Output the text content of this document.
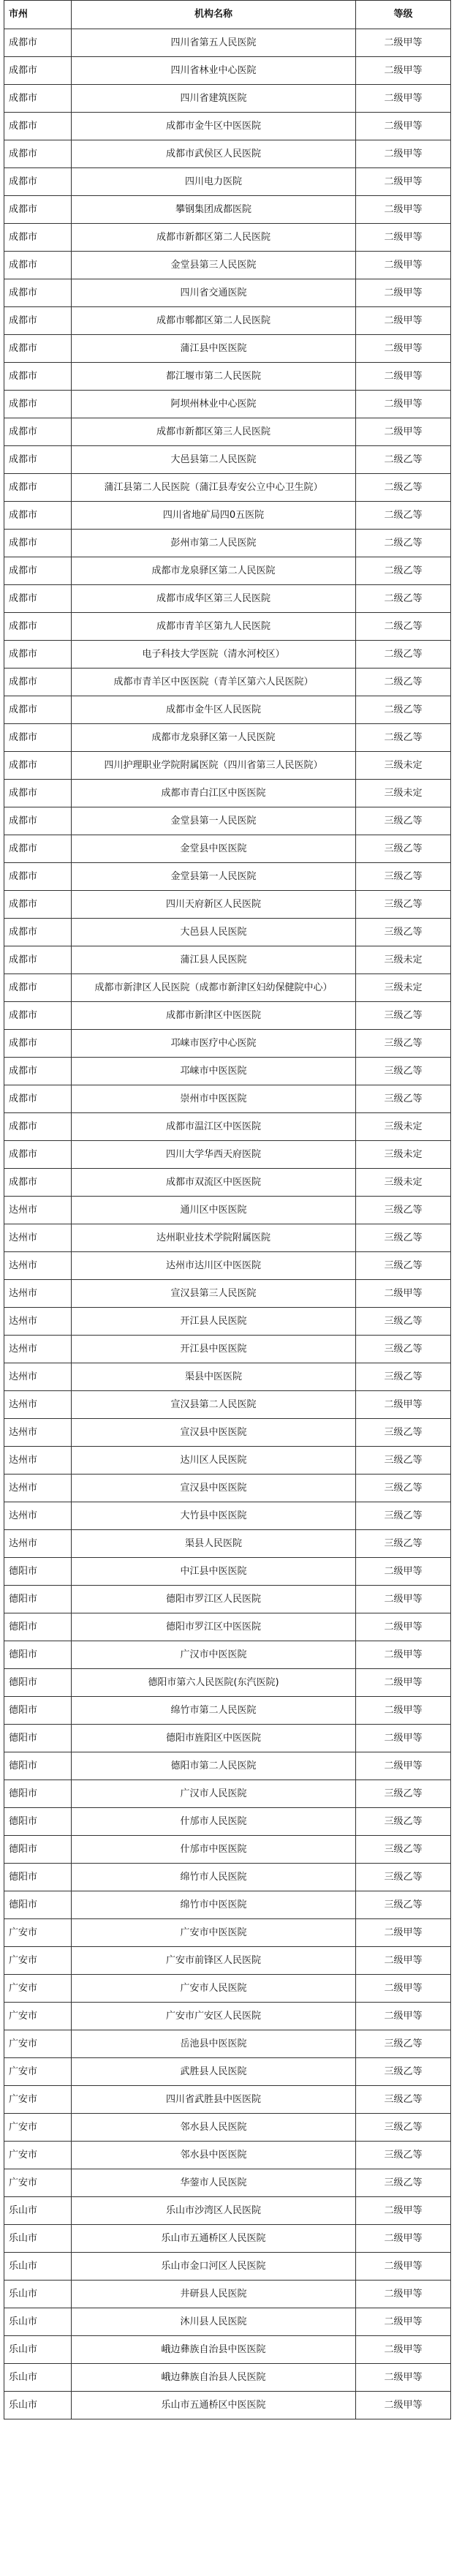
市州	机构名称	等级
成都市	四川省第五人民医院	二级甲等
成都市	四川省林业中心医院	二级甲等
成都市	四川省建筑医院	二级甲等
成都市	成都市金牛区中医医院	二级甲等
成都市	成都市武侯区人民医院	二级甲等
成都市	四川电力医院	二级甲等
成都市	攀钢集团成都医院	二级甲等
成都市	成都市新都区第二人民医院	二级甲等
成都市	金堂县第三人民医院	二级甲等
成都市	四川省交通医院	二级甲等
成都市	成都市郫都区第二人民医院	二级甲等
成都市	蒲江县中医医院	二级甲等
成都市	都江堰市第二人民医院	二级甲等
成都市	阿坝州林业中心医院	二级甲等
成都市	成都市新都区第三人民医院	二级甲等
成都市	大邑县第二人民医院	二级乙等
成都市	蒲江县第二人民医院（蒲江县寿安公立中心卫生院）	二级乙等
成都市	四川省地矿局四0五医院	二级乙等
成都市	彭州市第二人民医院	二级乙等
成都市	成都市龙泉驿区第二人民医院	二级乙等
成都市	成都市成华区第三人民医院	二级乙等
成都市	成都市青羊区第九人民医院	二级乙等
成都市	电子科技大学医院（清水河校区）	二级乙等
成都市	成都市青羊区中医医院（青羊区第六人民医院）	二级乙等
成都市	成都市金牛区人民医院	二级乙等
成都市	成都市龙泉驿区第一人民医院	二级乙等
成都市	四川护理职业学院附属医院（四川省第三人民医院）	三级未定
成都市	成都市青白江区中医医院	三级未定
成都市	金堂县第一人民医院	三级乙等
成都市	金堂县中医医院	三级乙等
成都市	金堂县第一人民医院	三级乙等
成都市	四川天府新区人民医院	三级乙等
成都市	大邑县人民医院	三级乙等
成都市	蒲江县人民医院	三级未定
成都市	成都市新津区人民医院（成都市新津区妇幼保健院中心）	三级未定
成都市	成都市新津区中医医院	三级乙等
成都市	邛崃市医疗中心医院	三级乙等
成都市	邛崃市中医医院	三级乙等
成都市	崇州市中医医院	三级乙等
成都市	成都市温江区中医医院	三级未定
成都市	四川大学华西天府医院	三级未定
成都市	成都市双流区中医医院	三级未定
达州市	通川区中医医院	三级乙等
达州市	达州职业技术学院附属医院	三级乙等
达州市	达州市达川区中医医院	三级乙等
达州市	宣汉县第三人民医院	二级甲等
达州市	开江县人民医院	三级乙等
达州市	开江县中医医院	三级乙等
达州市	渠县中医医院	三级乙等
达州市	宣汉县第二人民医院	二级甲等
达州市	宣汉县中医医院	三级乙等
达州市	达川区人民医院	三级乙等
达州市	宣汉县中医医院	三级乙等
达州市	大竹县中医医院	三级乙等
达州市	渠县人民医院	三级乙等
德阳市	中江县中医医院	二级甲等
德阳市	德阳市罗江区人民医院	二级甲等
德阳市	德阳市罗江区中医医院	二级甲等
德阳市	广汉市中医医院	二级甲等
德阳市	德阳市第六人民医院(东汽医院)	二级甲等
德阳市	绵竹市第二人民医院	二级甲等
德阳市	德阳市旌阳区中医医院	二级甲等
德阳市	德阳市第二人民医院	二级甲等
德阳市	广汉市人民医院	三级乙等
德阳市	什邡市人民医院	三级乙等
德阳市	什邡市中医医院	三级乙等
德阳市	绵竹市人民医院	三级乙等
德阳市	绵竹市中医医院	三级乙等
广安市	广安市中医医院	二级甲等
广安市	广安市前锋区人民医院	二级甲等
广安市	广安市人民医院	二级甲等
广安市	广安市广安区人民医院	二级甲等
广安市	岳池县中医医院	三级乙等
广安市	武胜县人民医院	三级乙等
广安市	四川省武胜县中医医院	三级乙等
广安市	邻水县人民医院	三级乙等
广安市	邻水县中医医院	三级乙等
广安市	华蓥市人民医院	三级乙等
乐山市	乐山市沙湾区人民医院	二级甲等
乐山市	乐山市五通桥区人民医院	二级甲等
乐山市	乐山市金口河区人民医院	二级甲等
乐山市	井研县人民医院	二级甲等
乐山市	沐川县人民医院	二级甲等
乐山市	峨边彝族自治县中医医院	二级甲等
乐山市	峨边彝族自治县人民医院	二级甲等
乐山市	乐山市五通桥区中医医院	二级甲等
